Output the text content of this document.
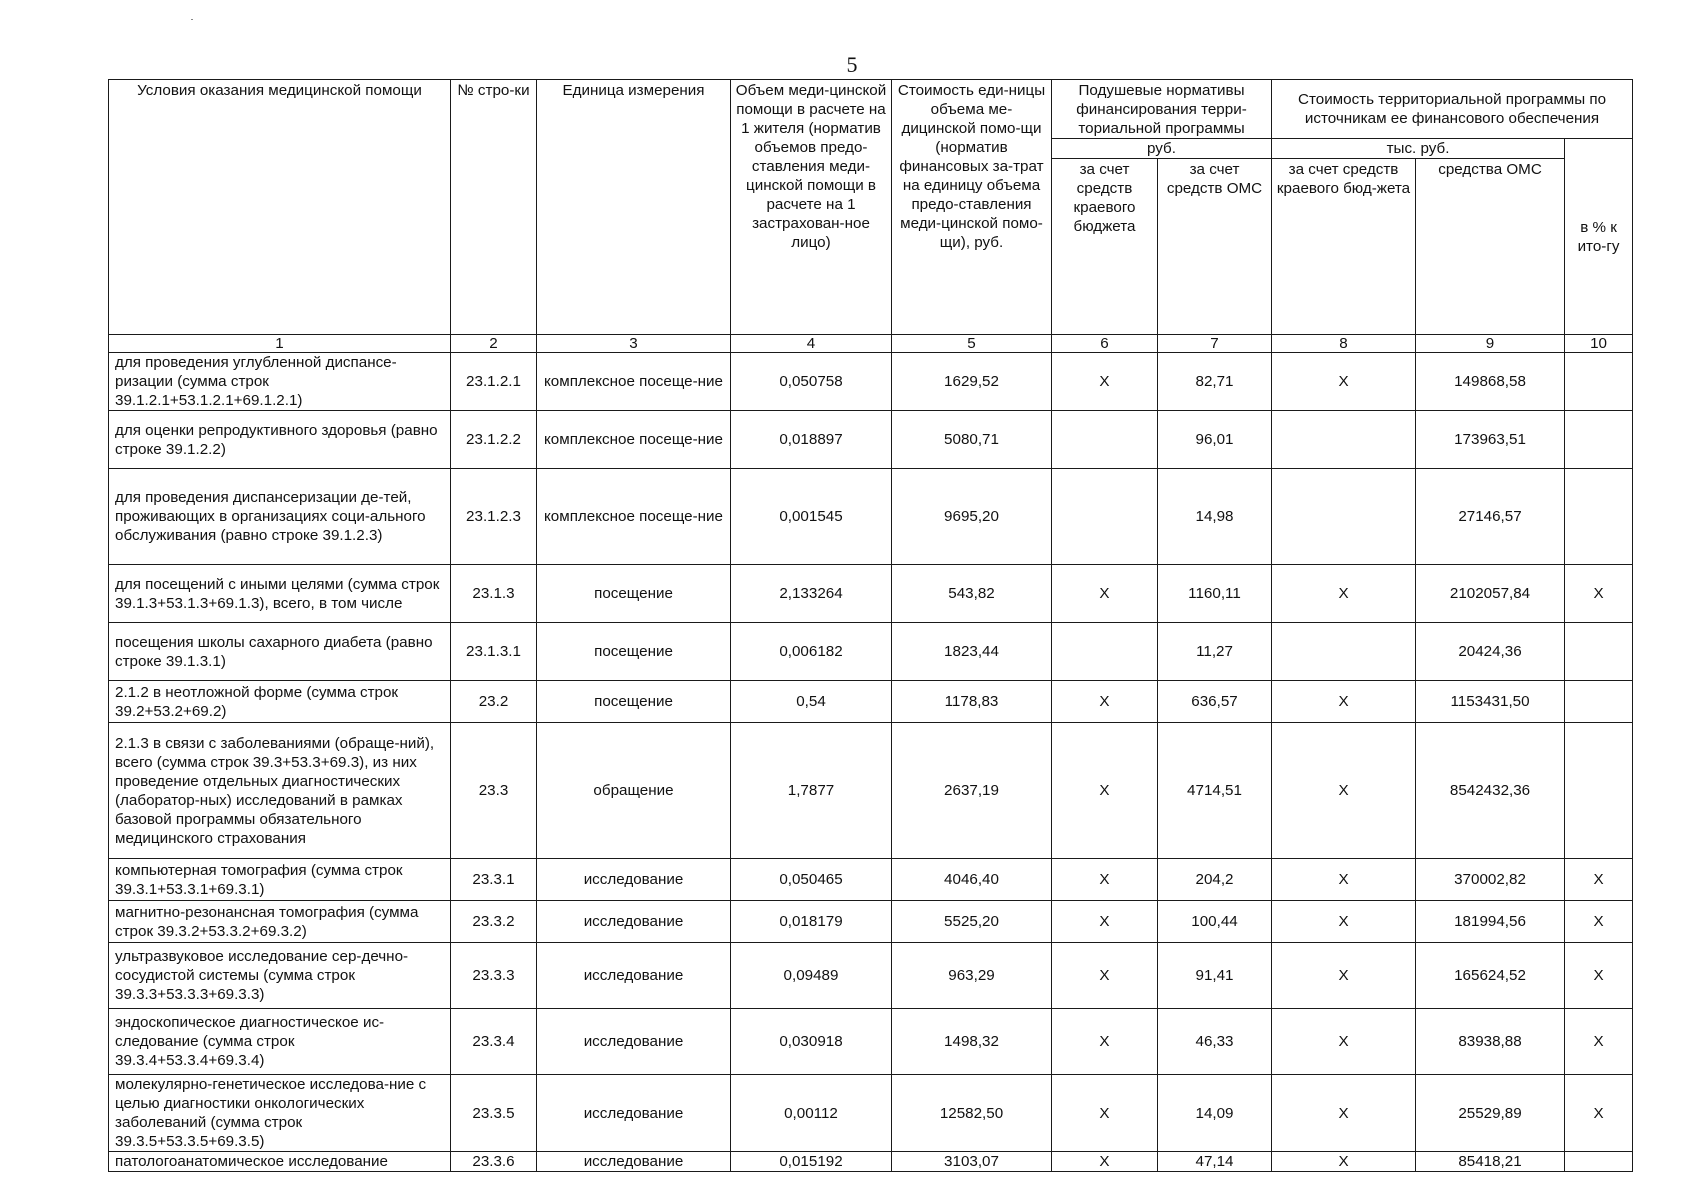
5
Условия оказания медицинской помощи	№ стро-ки	Единица измерения	Объем меди-цинской помощи в расчете на 1 жителя (норматив объемов предо-ставления меди-цинской помощи в расчете на 1 застрахован-ное лицо)	Стоимость еди-ницы объема ме-дицинской помо-щи (норматив финансовых за-трат на единицу объема предо-ставления меди-цинской помо-щи), руб.	Подушевые нормативы финансирования терри-ториальной программы		Стоимость территориальной программы по источникам ее финансового обеспечения		
					руб.		тыс. руб.		в % к ито-гу
					за счет средств краевого бюджета	за счет средств ОМС	за счет средств краевого бюд-жета	средства ОМС	
1	2	3	4	5	6	7	8	9	10
для проведения углубленной диспансе-ризации (сумма строк 39.1.2.1+53.1.2.1+69.1.2.1)	23.1.2.1	комплексное посеще-ние	0,050758	1629,52	Х	82,71	Х	149868,58	
для оценки репродуктивного здоровья (равно строке 39.1.2.2)	23.1.2.2	комплексное посеще-ние	0,018897	5080,71		96,01		173963,51	
для проведения диспансеризации де-тей, проживающих в организациях соци-ального обслуживания (равно строке 39.1.2.3)	23.1.2.3	комплексное посеще-ние	0,001545	9695,20		14,98		27146,57	
для посещений с иными целями (сумма строк 39.1.3+53.1.3+69.1.3), всего, в том числе	23.1.3	посещение	2,133264	543,82	Х	1160,11	Х	2102057,84	Х
посещения школы сахарного диабета (равно строке 39.1.3.1)	23.1.3.1	посещение	0,006182	1823,44		11,27		20424,36	
2.1.2 в неотложной форме (сумма строк 39.2+53.2+69.2)	23.2	посещение	0,54	1178,83	Х	636,57	Х	1153431,50	
2.1.3 в связи с заболеваниями (обраще-ний), всего (сумма строк 39.3+53.3+69.3), из них проведение отдельных диагностических (лаборатор-ных) исследований в рамках базовой программы обязательного медицинского страхования	23.3	обращение	1,7877	2637,19	Х	4714,51	Х	8542432,36	
компьютерная томография (сумма строк 39.3.1+53.3.1+69.3.1)	23.3.1	исследование	0,050465	4046,40	Х	204,2	Х	370002,82	Х
магнитно-резонансная томография (сумма строк 39.3.2+53.3.2+69.3.2)	23.3.2	исследование	0,018179	5525,20	Х	100,44	Х	181994,56	Х
ультразвуковое исследование сер-дечно-сосудистой системы (сумма строк 39.3.3+53.3.3+69.3.3)	23.3.3	исследование	0,09489	963,29	Х	91,41	Х	165624,52	Х
эндоскопическое диагностическое ис-следование (сумма строк 39.3.4+53.3.4+69.3.4)	23.3.4	исследование	0,030918	1498,32	Х	46,33	Х	83938,88	Х
молекулярно-генетическое исследова-ние с целью диагностики онкологических заболеваний (сумма строк 39.3.5+53.3.5+69.3.5)	23.3.5	исследование	0,00112	12582,50	Х	14,09	Х	25529,89	Х
патологоанатомическое исследование	23.3.6	исследование	0,015192	3103,07	Х	47,14	Х	85418,21	
